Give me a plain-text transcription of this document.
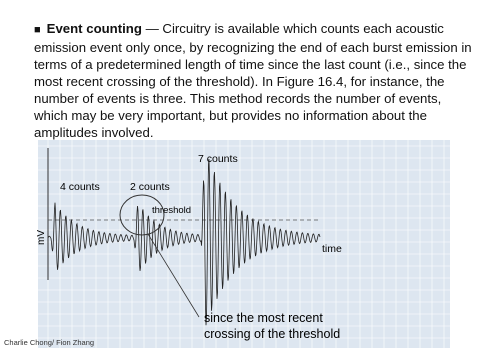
■ Event counting — Circuitry is available which counts each acoustic emission event only once, by recognizing the end of each burst emission in terms of a predetermined length of time since the last count (i.e., since the most recent crossing of the threshold). In Figure 16.4, for instance, the number of events is three. This method records the number of events, which may be very important, but provides no information about the amplitudes involved.

4 counts	2 counts
7 counts
threshold
mV
time
since the most recent
crossing of the threshold
Charlie Chong/ Fion Zhang
